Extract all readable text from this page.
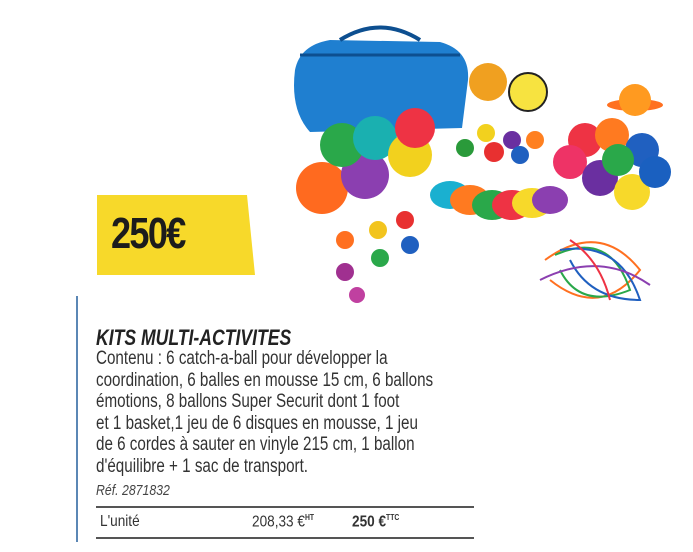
250€
KITS MULTI-ACTIVITES
Contenu : 6 catch-a-ball pour développer la
coordination, 6 balles en mousse 15 cm, 6 ballons
émotions, 8 ballons Super Securit dont 1 foot
et 1 basket,1 jeu de 6 disques en mousse, 1 jeu
de 6 cordes à sauter en vinyle 215 cm, 1 ballon
d'équilibre + 1 sac de transport.
Réf. 2871832
L'unité	208,33 €$^{HT}$ 250 €$^{TTC}$
